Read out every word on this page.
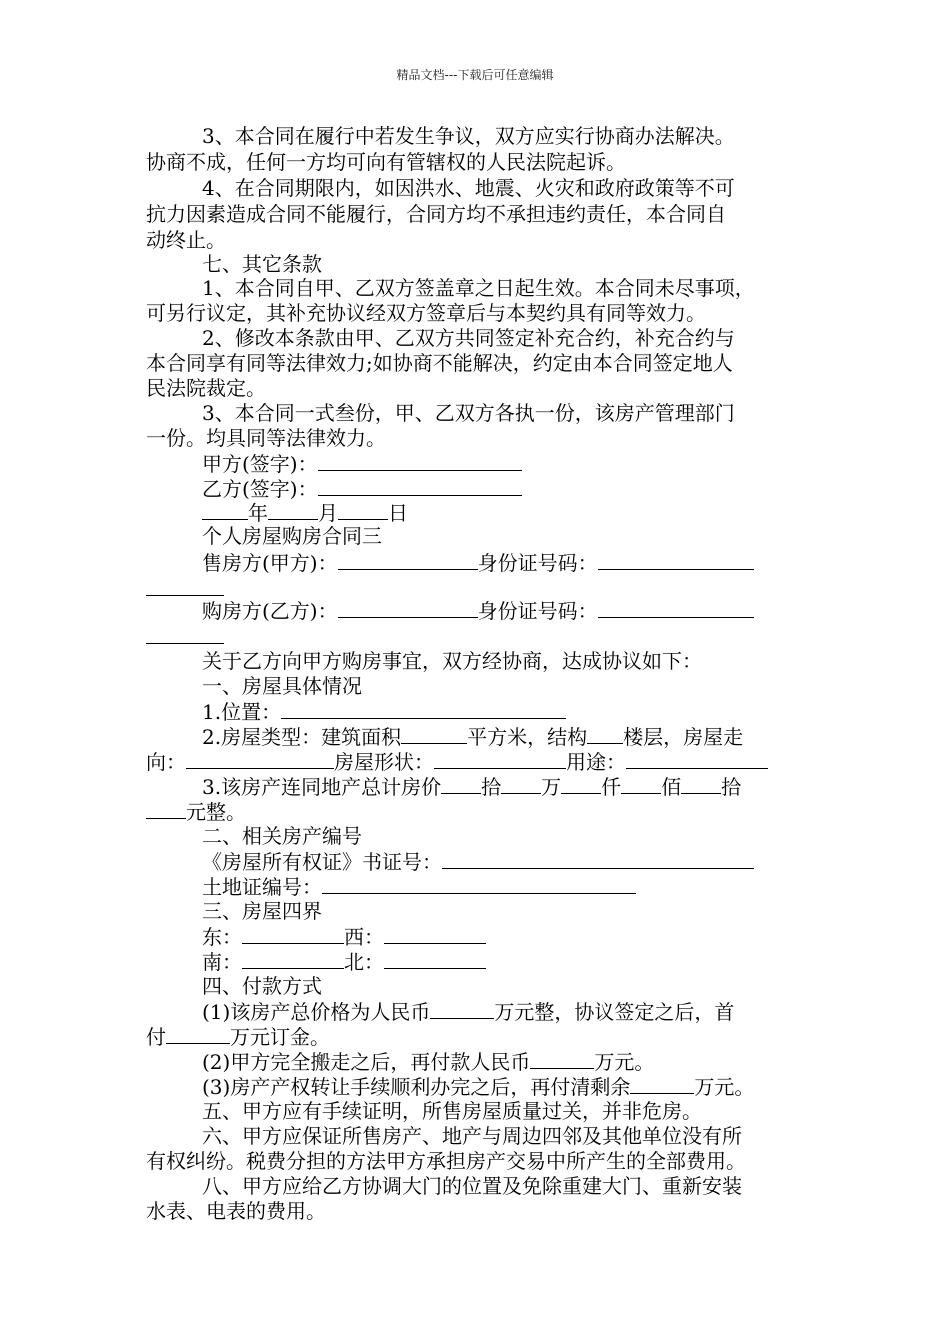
精品文档---下载后可任意编辑
3、本合同在履行中若发生争议，双方应实行协商办法解决。
协商不成，任何一方均可向有管辖权的人民法院起诉。
4、在合同期限内，如因洪水、地震、火灾和政府政策等不可
抗力因素造成合同不能履行，合同方均不承担违约责任，本合同自
动终止。
七、其它条款
1、本合同自甲、乙双方签盖章之日起生效。本合同未尽事项，
可另行议定，其补充协议经双方签章后与本契约具有同等效力。
2、修改本条款由甲、乙双方共同签定补充合约，补充合约与
本合同享有同等法律效力;如协商不能解决，约定由本合同签定地人
民法院裁定。
3、本合同一式叁份，甲、乙双方各执一份，该房产管理部门
一份。均具同等法律效力。
甲方(签字)：
乙方(签字)：
年	月	日
个人房屋购房合同三
售房方(甲方)：	身份证号码：
购房方(乙方)：	身份证号码：
关于乙方向甲方购房事宜，双方经协商，达成协议如下：
一、房屋具体情况
1.位置：
2.房屋类型：建筑面积	平方米，结构 楼层，房屋走
向：	房屋形状：	用途：
3.该房产连同地产总计房价 拾 万 仟 佰 拾
元整。
二、相关房产编号
《房屋所有权证》书证号：
土地证编号：
三、房屋四界
东：	西：
南：	北：
四、付款方式
(1)该房产总价格为人民币	万元整，协议签定之后，首
付	万元订金。
(2)甲方完全搬走之后，再付款人民币	万元。
(3)房产产权转让手续顺利办完之后，再付清剩余	万元。
五、甲方应有手续证明，所售房屋质量过关，并非危房。
六、甲方应保证所售房产、地产与周边四邻及其他单位没有所
有权纠纷。税费分担的方法甲方承担房产交易中所产生的全部费用。
八、甲方应给乙方协调大门的位置及免除重建大门、重新安装
水表、电表的费用。
